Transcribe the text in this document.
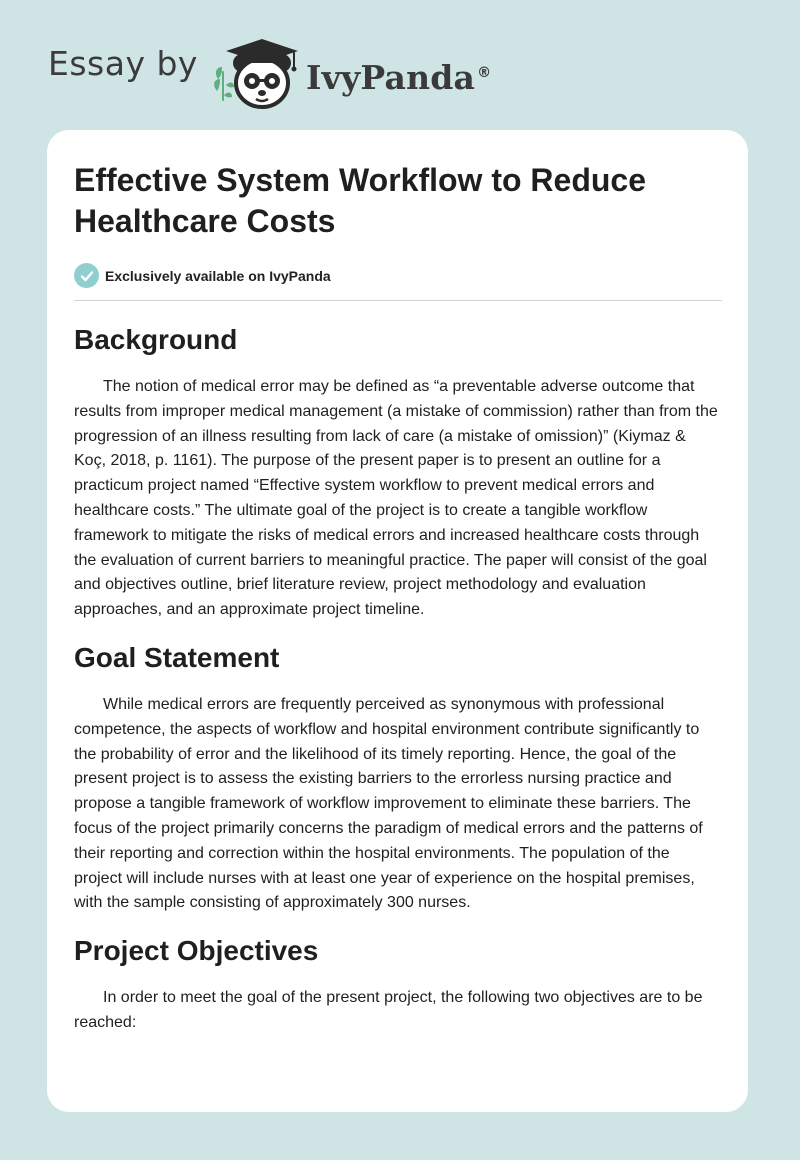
Essay by	IvyPanda ®
Effective System Workflow to Reduce Healthcare Costs
Exclusively available on IvyPanda
Background

The notion of medical error may be defined as “a preventable adverse outcome that results from improper medical management (a mistake of commission) rather than from the progression of an illness resulting from lack of care (a mistake of omission)” (Kiymaz & Koç, 2018, p. 1161). The purpose of the present paper is to present an outline for a practicum project named “Effective system workflow to prevent medical errors and healthcare costs.” The ultimate goal of the project is to create a tangible workflow framework to mitigate the risks of medical errors and increased healthcare costs through the evaluation of current barriers to meaningful practice. The paper will consist of the goal and objectives outline, brief literature review, project methodology and evaluation approaches, and an approximate project timeline.

Goal Statement

While medical errors are frequently perceived as synonymous with professional competence, the aspects of workflow and hospital environment contribute significantly to the probability of error and the likelihood of its timely reporting. Hence, the goal of the present project is to assess the existing barriers to the errorless nursing practice and propose a tangible framework of workflow improvement to eliminate these barriers. The focus of the project primarily concerns the paradigm of medical errors and the patterns of their reporting and correction within the hospital environments. The population of the project will include nurses with at least one year of experience on the hospital premises, with the sample consisting of approximately 300 nurses.

Project Objectives

In order to meet the goal of the present project, the following two objectives are to be reached:
